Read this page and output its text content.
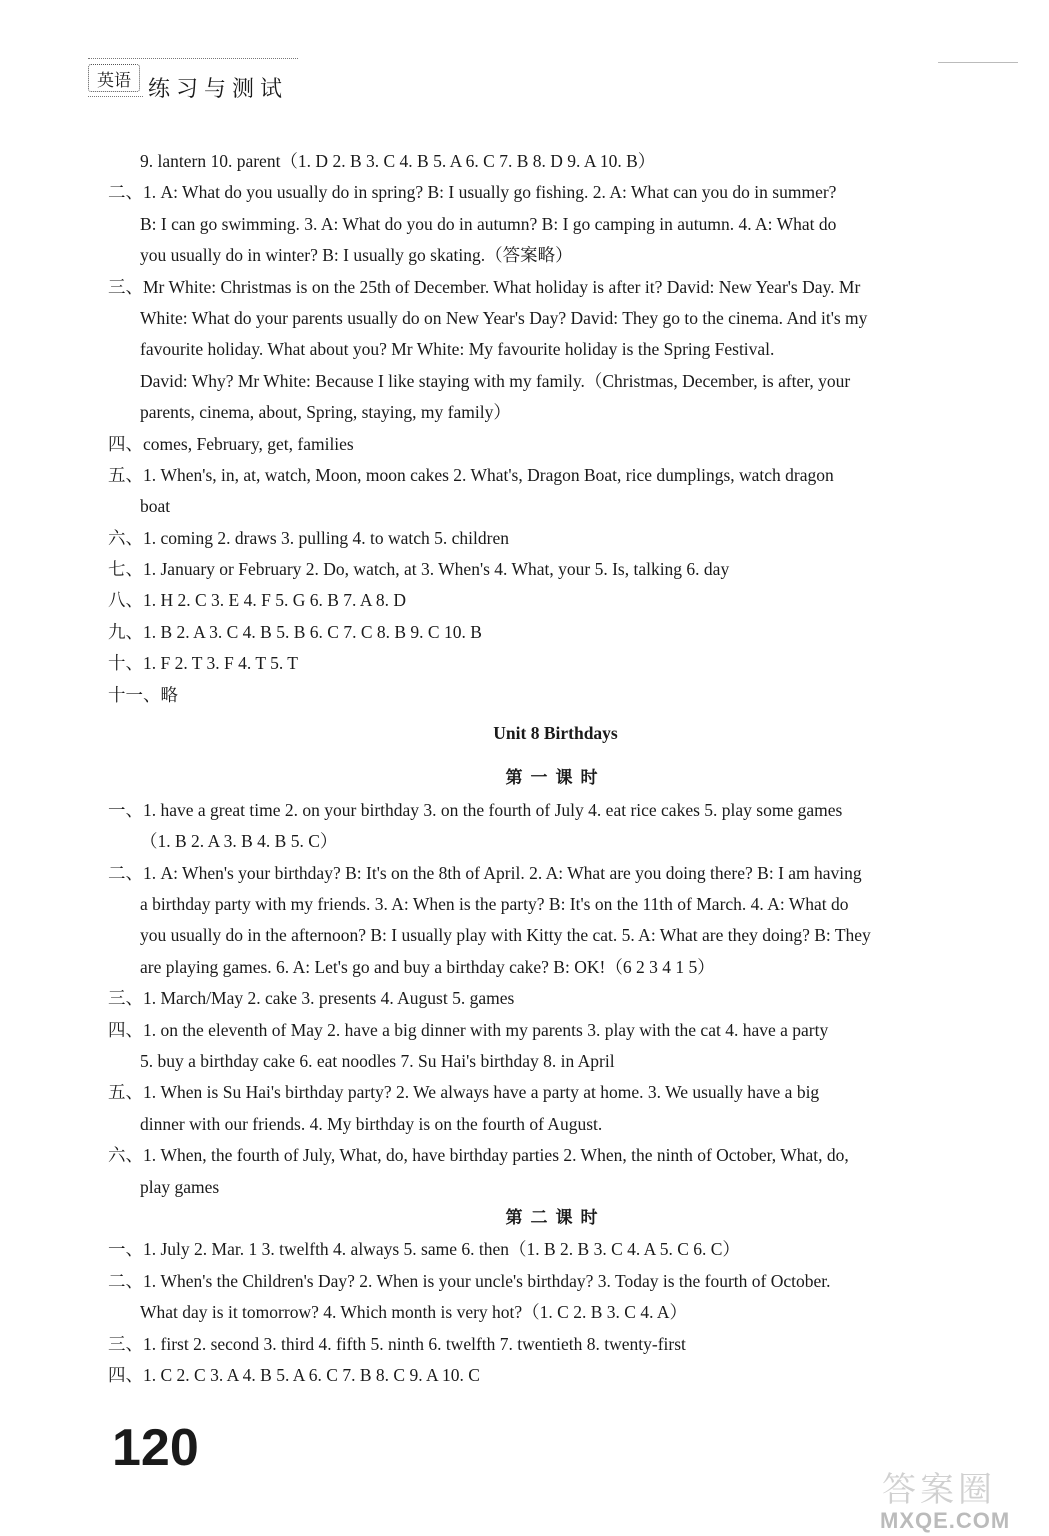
英语 练习与测试
9. lantern 10. parent（1. D 2. B 3. C 4. B 5. A 6. C 7. B 8. D 9. A 10. B）
二、1. A: What do you usually do in spring? B: I usually go fishing. 2. A: What can you do in summer?
B: I can go swimming. 3. A: What do you do in autumn? B: I go camping in autumn. 4. A: What do
you usually do in winter? B: I usually go skating.（答案略）
三、Mr White: Christmas is on the 25th of December. What holiday is after it? David: New Year's Day. Mr
White: What do your parents usually do on New Year's Day? David: They go to the cinema. And it's my
favourite holiday. What about you? Mr White: My favourite holiday is the Spring Festival.
David: Why? Mr White: Because I like staying with my family.（Christmas, December, is after, your
parents, cinema, about, Spring, staying, my family）
四、comes, February, get, families
五、1. When's, in, at, watch, Moon, moon cakes 2. What's, Dragon Boat, rice dumplings, watch dragon
boat
六、1. coming 2. draws 3. pulling 4. to watch 5. children
七、1. January or February 2. Do, watch, at 3. When's 4. What, your 5. Is, talking 6. day
八、1. H 2. C 3. E 4. F 5. G 6. B 7. A 8. D
九、1. B 2. A 3. C 4. B 5. B 6. C 7. C 8. B 9. C 10. B
十、1. F 2. T 3. F 4. T 5. T
十一、略
Unit 8 Birthdays
第一课时
一、1. have a great time 2. on your birthday 3. on the fourth of July 4. eat rice cakes 5. play some games
（1. B 2. A 3. B 4. B 5. C）
二、1. A: When's your birthday? B: It's on the 8th of April. 2. A: What are you doing there? B: I am having
a birthday party with my friends. 3. A: When is the party? B: It's on the 11th of March. 4. A: What do
you usually do in the afternoon? B: I usually play with Kitty the cat. 5. A: What are they doing? B: They
are playing games. 6. A: Let's go and buy a birthday cake? B: OK!（6 2 3 4 1 5）
三、1. March/May 2. cake 3. presents 4. August 5. games
四、1. on the eleventh of May 2. have a big dinner with my parents 3. play with the cat 4. have a party
5. buy a birthday cake 6. eat noodles 7. Su Hai's birthday 8. in April
五、1. When is Su Hai's birthday party? 2. We always have a party at home. 3. We usually have a big
dinner with our friends. 4. My birthday is on the fourth of August.
六、1. When, the fourth of July, What, do, have birthday parties 2. When, the ninth of October, What, do,
play games
第二课时
一、1. July 2. Mar. 1 3. twelfth 4. always 5. same 6. then（1. B 2. B 3. C 4. A 5. C 6. C）
二、1. When's the Children's Day? 2. When is your uncle's birthday? 3. Today is the fourth of October.
What day is it tomorrow? 4. Which month is very hot?（1. C 2. B 3. C 4. A）
三、1. first 2. second 3. third 4. fifth 5. ninth 6. twelfth 7. twentieth 8. twenty-first
四、1. C 2. C 3. A 4. B 5. A 6. C 7. B 8. C 9. A 10. C
120
答案圈
MXQE.COM
